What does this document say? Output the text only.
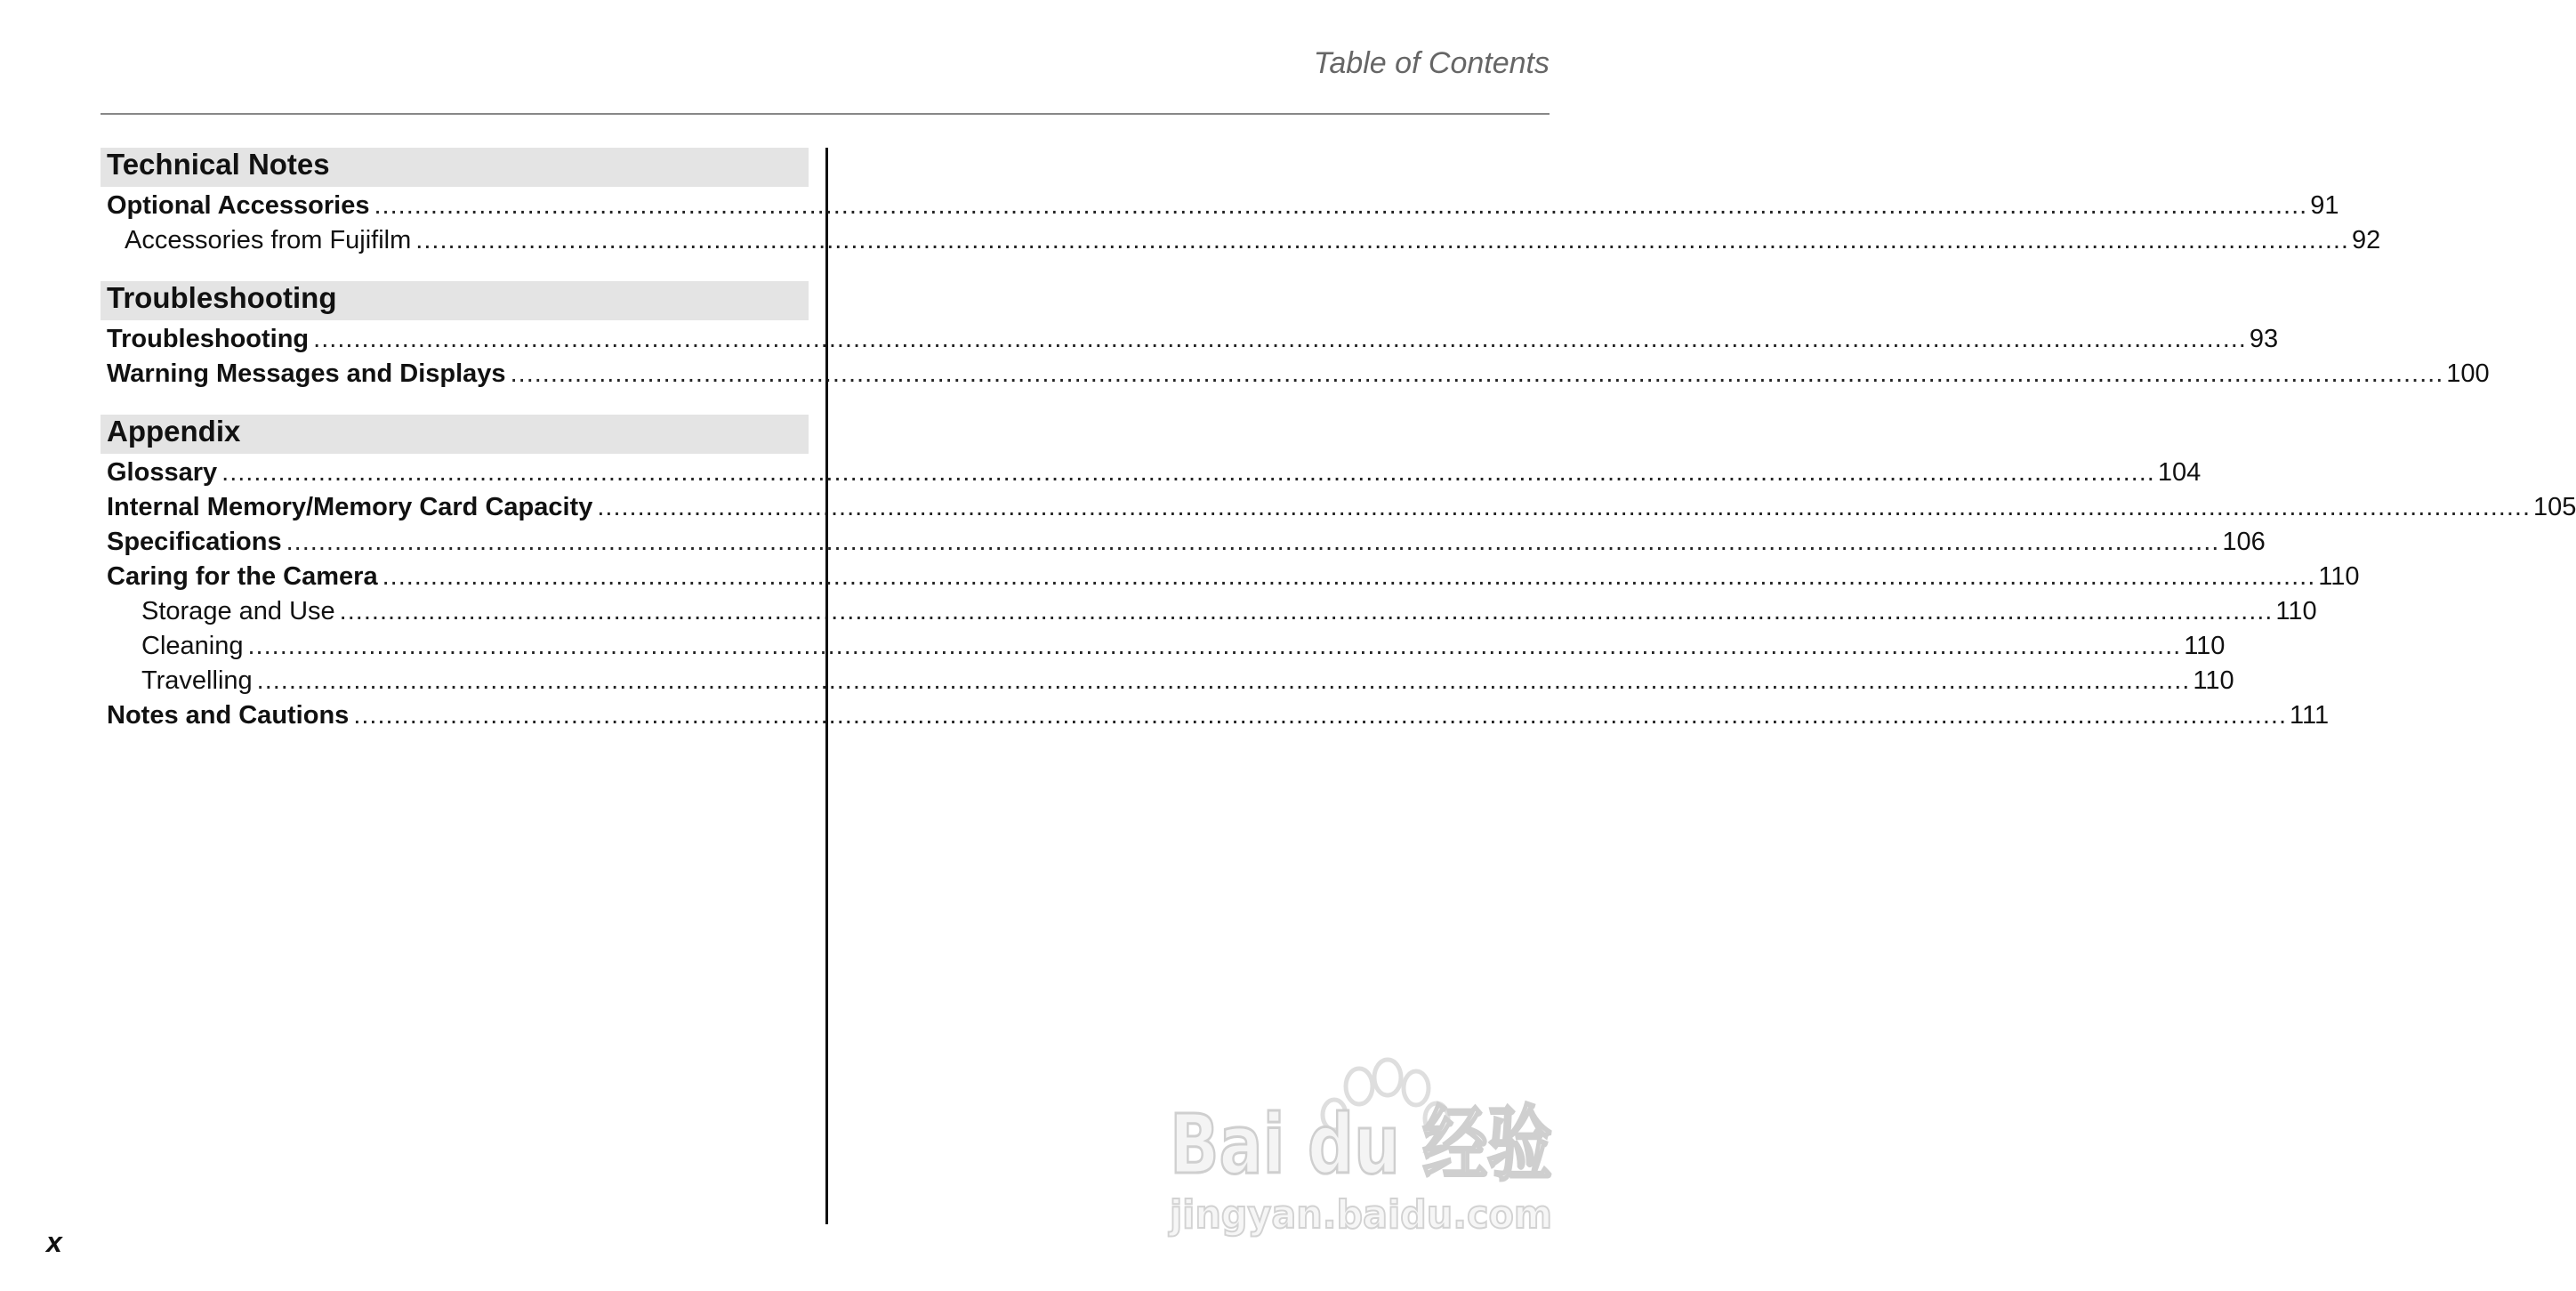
Table of Contents
Technical Notes
Optional Accessories .....	91
Accessories from Fujifilm .....	92
Troubleshooting
Troubleshooting .....	93
Warning Messages and Displays .....	100
Appendix
Glossary .....	104
Internal Memory/Memory Card Capacity .....	105
Specifications .....	106
Caring for the Camera .....	110
Storage and Use .....	110
Cleaning .....	110
Travelling .....	110
Notes and Cautions .....	111
x
Bai du 经验
jingyan.baidu.com
